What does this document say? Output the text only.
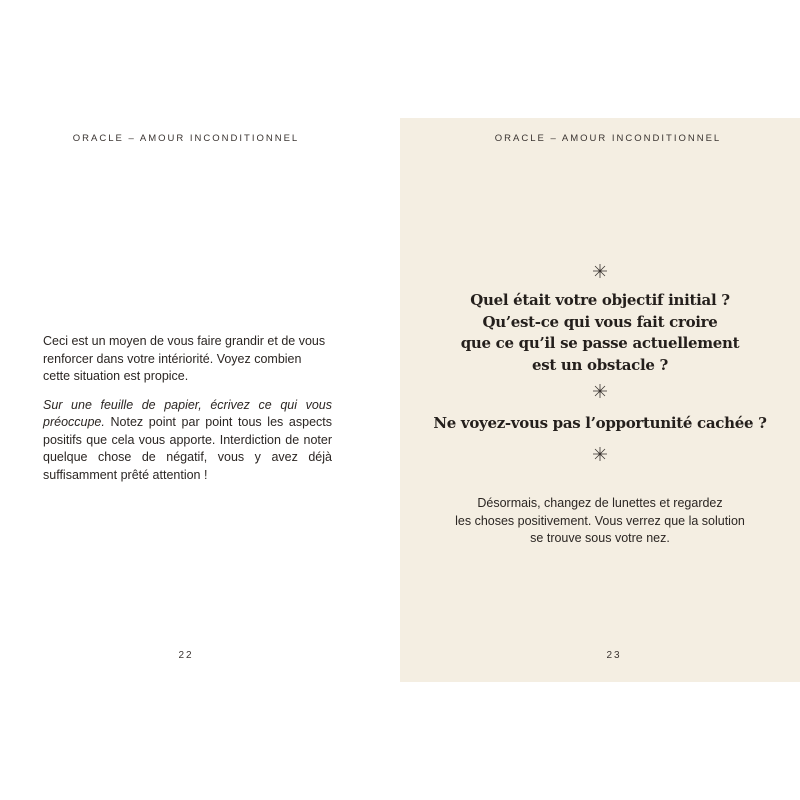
ORACLE – AMOUR INCONDITIONNEL

Ceci est un moyen de vous faire grandir et de vous renforcer dans votre intériorité. Voyez combien cette situation est propice.

Sur une feuille de papier, écrivez ce qui vous préoccupe. Notez point par point tous les aspects positifs que cela vous apporte. Interdiction de noter quelque chose de négatif, vous y avez déjà suffisamment prêté attention !

22
ORACLE – AMOUR INCONDITIONNEL
Quel était votre objectif initial ?
Qu’est-ce qui vous fait croire
que ce qu’il se passe actuellement
est un obstacle ?
Ne voyez-vous pas l’opportunité cachée ?
Désormais, changez de lunettes et regardez
les choses positivement. Vous verrez que la solution
se trouve sous votre nez.
23
